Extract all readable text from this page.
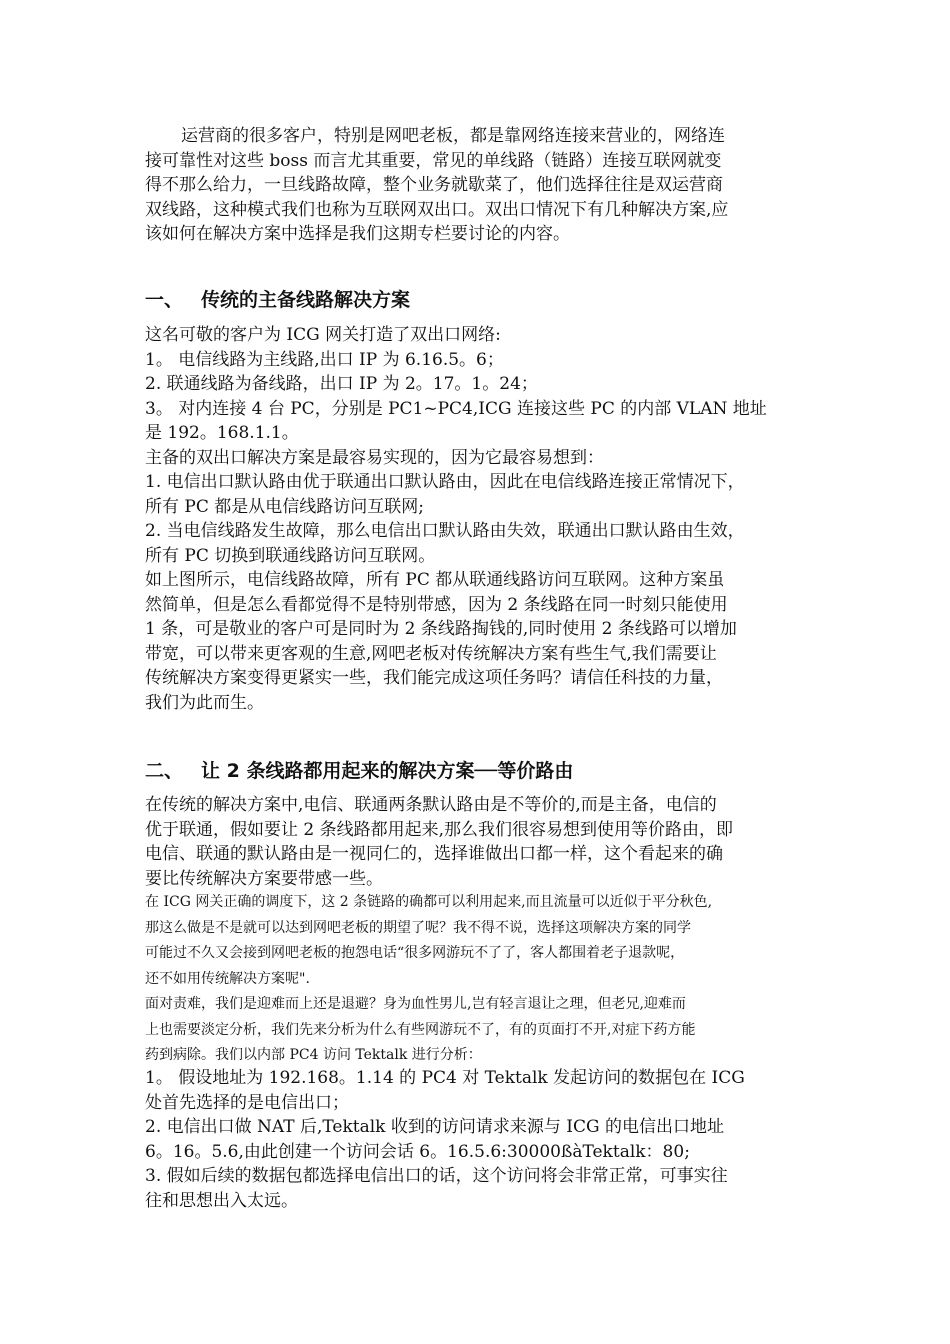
运营商的很多客户，特别是网吧老板，都是靠网络连接来营业的，网络连
接可靠性对这些 boss 而言尤其重要，常见的单线路（链路）连接互联网就变
得不那么给力，一旦线路故障，整个业务就歇菜了，他们选择往往是双运营商
双线路，这种模式我们也称为互联网双出口。双出口情况下有几种解决方案,应
该如何在解决方案中选择是我们这期专栏要讨论的内容。
一、 传统的主备线路解决方案
这名可敬的客户为 ICG 网关打造了双出口网络:
1。 电信线路为主线路,出口 IP 为 6.16.5。6；
2. 联通线路为备线路，出口 IP 为 2。17。1。24；
3。 对内连接 4 台 PC，分别是 PC1~PC4,ICG 连接这些 PC 的内部 VLAN 地址
是 192。168.1.1。
主备的双出口解决方案是最容易实现的，因为它最容易想到：
1. 电信出口默认路由优于联通出口默认路由，因此在电信线路连接正常情况下，
所有 PC 都是从电信线路访问互联网;
2. 当电信线路发生故障，那么电信出口默认路由失效，联通出口默认路由生效，
所有 PC 切换到联通线路访问互联网。
如上图所示，电信线路故障，所有 PC 都从联通线路访问互联网。这种方案虽
然简单，但是怎么看都觉得不是特别带感，因为 2 条线路在同一时刻只能使用
1 条，可是敬业的客户可是同时为 2 条线路掏钱的,同时使用 2 条线路可以增加
带宽，可以带来更客观的生意,网吧老板对传统解决方案有些生气,我们需要让
传统解决方案变得更紧实一些，我们能完成这项任务吗？请信任科技的力量，
我们为此而生。
二、 让 2 条线路都用起来的解决方案──等价路由
在传统的解决方案中,电信、联通两条默认路由是不等价的,而是主备，电信的
优于联通，假如要让 2 条线路都用起来,那么我们很容易想到使用等价路由，即
电信、联通的默认路由是一视同仁的，选择谁做出口都一样，这个看起来的确
要比传统解决方案要带感一些。
在 ICG 网关正确的调度下，这 2 条链路的确都可以利用起来,而且流量可以近似于平分秋色,
那这么做是不是就可以达到网吧老板的期望了呢？我不得不说，选择这项解决方案的同学
可能过不久又会接到网吧老板的抱怨电话“很多网游玩不了了，客人都围着老子退款呢，
还不如用传统解决方案呢".
面对责难，我们是迎难而上还是退避？身为血性男儿,岂有轻言退让之理，但老兄,迎难而
上也需要淡定分析，我们先来分析为什么有些网游玩不了，有的页面打不开,对症下药方能
药到病除。我们以内部 PC4 访问 Tektalk 进行分析：
1。 假设地址为 192.168。1.14 的 PC4 对 Tektalk 发起访问的数据包在 ICG
处首先选择的是电信出口；
2. 电信出口做 NAT 后,Tektalk 收到的访问请求来源与 ICG 的电信出口地址
6。16。5.6,由此创建一个访问会话 6。16.5.6:30000ßàTektalk：80;
3. 假如后续的数据包都选择电信出口的话，这个访问将会非常正常，可事实往
往和思想出入太远。
